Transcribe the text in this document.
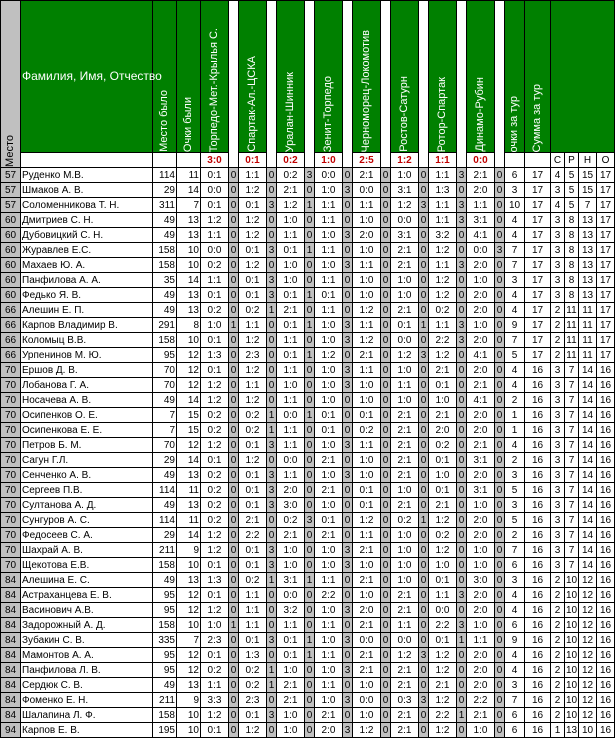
Место	Фамилия, Имя, Отчество	Место было	Очки были	Торпедо-Мет.-Крылья С.		Спартак-Ал.-ЦСКА		Уралан-Шинник		Зенит-Торпедо		Черноморец-Локомотив		Ростов-Сатурн		Ротор-Спартак		Динамо-Рубин		очки за тур	Сумма за тур				

				3:0		0:1		0:2		1:0		2:5		1:2		1:1		0:0				С	Р	Н	О
57	Руденко М.В.	114	11	0:1	0	1:1	0	0:2	3	0:0	0	2:1	0	1:0	0	1:1	3	2:1	0	6	17	4	5	15	17
57	Шмаков А. В.	29	14	0:0	0	1:2	0	2:1	0	1:0	3	0:0	0	3:1	0	1:3	0	2:0	0	3	17	3	5	15	17
57	Соломенникова Т. Н.	311	7	0:1	0	0:1	3	1:2	1	1:1	0	1:1	0	1:2	3	1:1	3	1:1	0	10	17	4	5	7	17
60	Дмитриев С. Н.	49	13	1:2	0	1:2	0	1:0	0	1:1	0	1:0	0	0:0	0	1:1	3	3:1	0	4	17	3	8	13	17
60	Дубовицкий С. Н.	49	13	1:1	0	1:2	0	1:1	0	1:0	3	2:0	0	3:1	0	3:2	0	4:1	0	4	17	3	8	13	17
60	Журавлев Е.С.	158	10	0:0	0	0:1	3	0:1	1	1:1	0	1:0	0	2:1	0	1:2	0	0:0	3	7	17	3	8	13	17
60	Махаев Ю. А.	158	10	0:2	0	1:2	0	1:0	0	1:0	3	1:1	0	2:1	0	1:1	3	2:0	0	7	17	3	8	13	17
60	Панфилова А. А.	35	14	1:1	0	0:1	3	1:0	0	1:1	0	1:0	0	1:0	0	1:2	0	1:0	0	3	17	3	8	13	17
60	Федько Я. В.	49	13	0:1	0	0:1	3	0:1	1	0:1	0	1:0	0	1:0	0	1:2	0	2:0	0	4	17	3	8	13	17
66	Алешин Е. П.	49	13	0:2	0	0:2	1	2:1	0	1:1	0	1:2	0	2:1	0	0:2	0	2:0	0	4	17	2	11	11	17
66	Карпов Владимир В.	291	8	1:0	1	1:1	0	0:1	1	1:0	3	1:1	0	0:1	1	1:1	3	1:0	0	9	17	2	11	11	17
66	Коломыц В.В.	158	10	0:1	0	1:2	0	1:1	0	1:0	3	1:2	0	0:0	0	2:2	3	2:0	0	7	17	2	11	11	17
66	Урпенинов М. Ю.	95	12	1:3	0	2:3	0	0:1	1	1:2	0	2:1	0	1:2	3	1:2	0	4:1	0	5	17	2	11	11	17
70	Ершов Д. В.	70	12	0:1	0	1:2	0	1:1	0	1:0	3	1:1	0	1:0	0	2:1	0	2:0	0	4	16	3	7	14	16
70	Лобанова Г. А.	70	12	1:2	0	1:1	0	1:0	0	1:0	3	1:0	0	1:1	0	0:1	0	2:1	0	4	16	3	7	14	16
70	Носачева А. В.	49	14	1:2	0	1:2	0	1:1	0	1:0	0	1:0	0	1:0	0	1:0	0	4:1	0	2	16	3	7	14	16
70	Осипенков О. Е.	7	15	0:2	0	0:2	1	0:0	1	0:1	0	0:1	0	2:1	0	2:1	0	2:0	0	1	16	3	7	14	16
70	Осипенкова Е. Е.	7	15	0:2	0	0:2	1	1:1	0	0:1	0	0:2	0	2:1	0	2:0	0	2:0	0	1	16	3	7	14	16
70	Петров Б. М.	70	12	1:2	0	0:1	3	1:1	0	1:0	3	1:1	0	2:1	0	0:2	0	2:1	0	4	16	3	7	14	16
70	Сагун Г.Л.	29	14	0:1	0	1:2	0	0:0	0	2:1	0	1:0	0	2:1	0	0:1	0	3:1	0	2	16	3	7	14	16
70	Сенченко А. В.	49	13	0:2	0	0:1	3	1:1	0	1:0	3	1:0	0	2:1	0	1:0	0	2:0	0	3	16	3	7	14	16
70	Сергеев П.В.	114	11	0:2	0	0:1	3	2:0	0	2:1	0	0:1	0	1:0	0	0:1	0	3:1	0	5	16	3	7	14	16
70	Султанова А. Д.	49	13	0:2	0	0:1	3	3:0	0	1:0	0	0:1	0	2:1	0	2:1	0	1:0	0	3	16	3	7	14	16
70	Сунгуров А. С.	114	11	0:2	0	2:1	0	0:2	3	0:1	0	1:2	0	0:2	1	1:2	0	2:0	0	5	16	3	7	14	16
70	Федосеев С. А.	29	14	1:2	0	2:2	0	2:1	0	2:1	0	1:1	0	1:0	0	0:2	0	2:0	0	2	16	3	7	14	16
70	Шахрай А. В.	211	9	1:2	0	0:1	3	1:0	0	1:0	3	2:1	0	1:0	0	1:2	0	1:0	0	7	16	3	7	14	16
70	Щекотова Е.В.	158	10	0:1	0	0:1	3	1:0	0	1:0	3	1:0	0	1:0	0	1:0	0	1:0	0	6	16	3	7	14	16
84	Алешина Е. С.	49	13	1:3	0	0:2	1	3:1	1	1:1	0	2:1	0	1:0	0	0:1	0	3:0	0	3	16	2	10	12	16
84	Астраханцева Е. В.	95	12	0:1	0	1:1	0	0:0	0	2:2	0	1:0	0	2:1	0	1:1	3	2:0	0	4	16	2	10	12	16
84	Васинович А.В.	95	12	1:2	0	1:1	0	3:2	0	1:0	3	2:0	0	2:1	0	0:0	0	2:0	0	4	16	2	10	12	16
84	Задорожный А. Д.	158	10	1:0	1	1:1	0	1:1	0	1:1	0	2:1	0	1:1	0	2:2	3	1:0	0	6	16	2	10	12	16
84	Зубакин С. В.	335	7	2:3	0	0:1	3	0:1	1	1:0	3	0:0	0	0:0	0	0:1	1	1:1	0	9	16	2	10	12	16
84	Мамонтов А. А.	95	12	0:1	0	1:3	0	0:1	1	1:1	0	2:1	0	1:2	3	1:2	0	2:0	0	4	16	2	10	12	16
84	Панфилова Л. В.	95	12	0:2	0	0:2	1	1:0	0	1:0	3	2:1	0	2:1	0	1:2	0	2:0	0	4	16	2	10	12	16
84	Сердюк С. В.	49	13	1:1	0	0:2	1	2:1	0	1:1	0	1:0	0	2:1	0	2:1	0	2:0	0	3	16	2	10	12	16
84	Фоменко Е. Н.	211	9	3:3	0	2:3	0	2:1	0	1:0	3	0:0	0	0:3	3	1:2	0	2:2	0	7	16	2	10	12	16
84	Шалапина Л. Ф.	158	10	1:2	0	0:1	3	1:0	0	2:1	0	1:0	0	2:1	0	2:2	1	2:1	0	6	16	2	10	12	16
94	Карпов Е. В.	195	10	0:1	0	1:2	0	1:0	0	2:0	3	1:2	0	2:1	0	1:2	0	1:0	0	6	16	1	13	10	16
